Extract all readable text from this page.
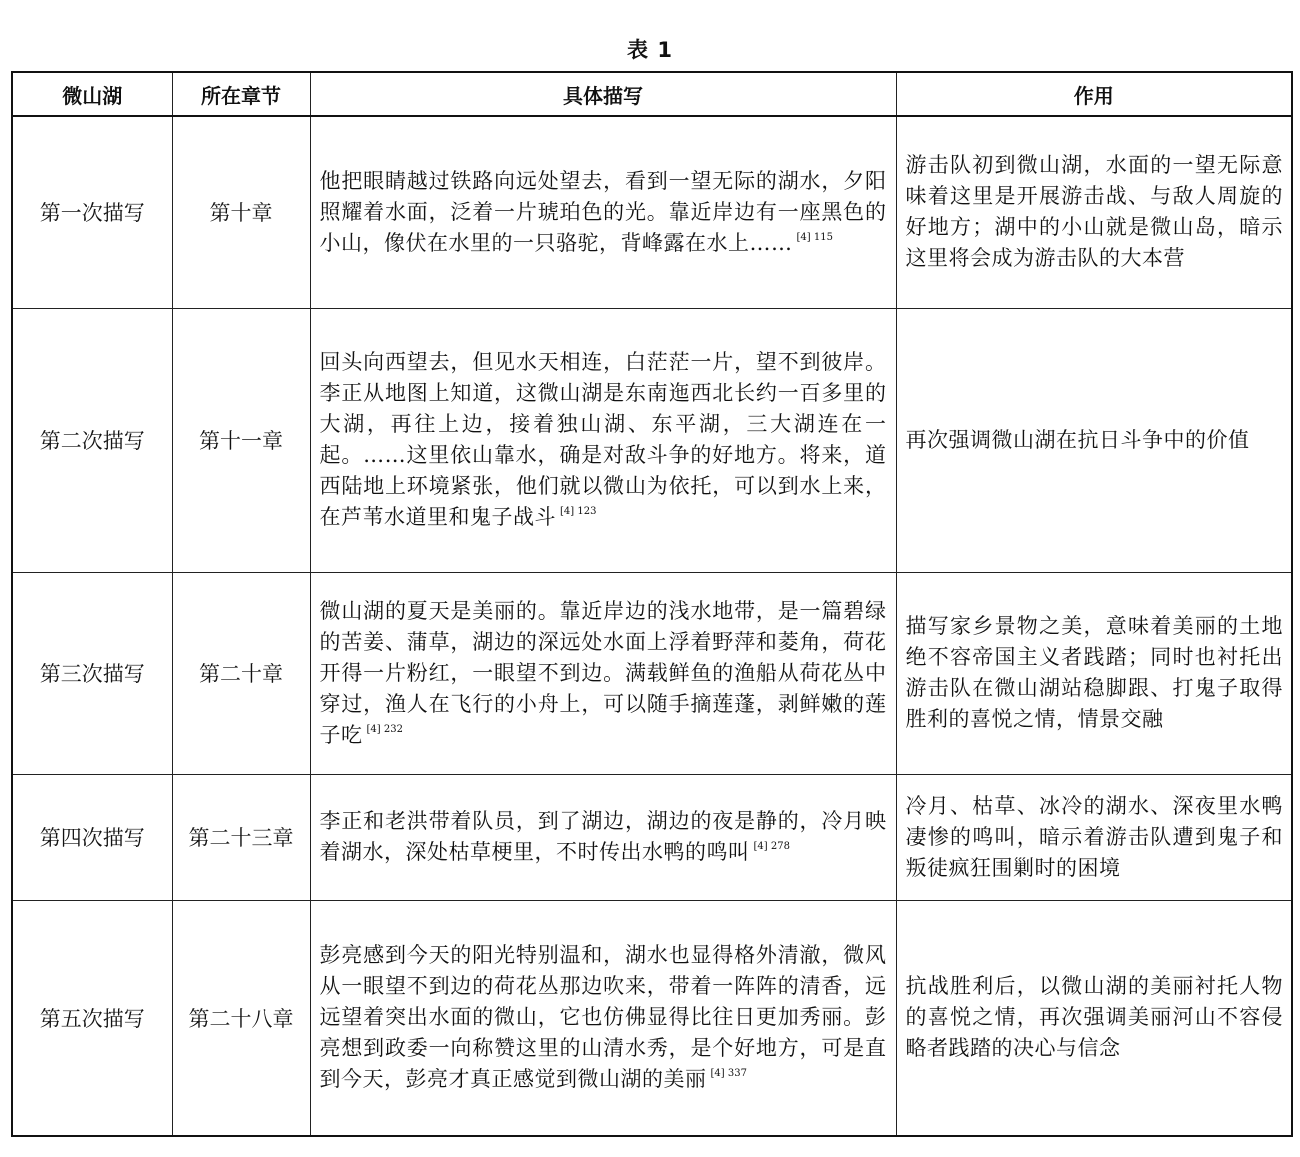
表 1
微山湖	所在章节	具体描写	作用
第一次描写	第十章	他把眼睛越过铁路向远处望去，看到一望无际的湖水，夕阳照耀着水面，泛着一片琥珀色的光。靠近岸边有一座黑色的小山，像伏在水里的一只骆驼，背峰露在水上…… $^{[4] 115}$	游击队初到微山湖，水面的一望无际意味着这里是开展游击战、与敌人周旋的好地方；湖中的小山就是微山岛，暗示这里将会成为游击队的大本营
第二次描写	第十一章	回头向西望去，但见水天相连，白茫茫一片，望不到彼岸。李正从地图上知道，这微山湖是东南迤西北长约一百多里的大湖，再往上边，接着独山湖、东平湖，三大湖连在一起。……这里依山靠水，确是对敌斗争的好地方。将来，道西陆地上环境紧张，他们就以微山为依托，可以到水上来，在芦苇水道里和鬼子战斗 $^{[4] 123}$	再次强调微山湖在抗日斗争中的价值
第三次描写	第二十章	微山湖的夏天是美丽的。靠近岸边的浅水地带，是一篇碧绿的苦姜、蒲草，湖边的深远处水面上浮着野萍和菱角，荷花开得一片粉红，一眼望不到边。满载鲜鱼的渔船从荷花丛中穿过，渔人在飞行的小舟上，可以随手摘莲蓬，剥鲜嫩的莲子吃 $^{[4] 232}$	描写家乡景物之美，意味着美丽的土地绝不容帝国主义者践踏；同时也衬托出游击队在微山湖站稳脚跟、打鬼子取得胜利的喜悦之情，情景交融
第四次描写	第二十三章	李正和老洪带着队员，到了湖边，湖边的夜是静的，冷月映着湖水，深处枯草梗里，不时传出水鸭的鸣叫 $^{[4] 278}$	冷月、枯草、冰冷的湖水、深夜里水鸭凄惨的鸣叫，暗示着游击队遭到鬼子和叛徒疯狂围剿时的困境
第五次描写	第二十八章	彭亮感到今天的阳光特别温和，湖水也显得格外清澈，微风从一眼望不到边的荷花丛那边吹来，带着一阵阵的清香，远远望着突出水面的微山，它也仿佛显得比往日更加秀丽。彭亮想到政委一向称赞这里的山清水秀，是个好地方，可是直到今天，彭亮才真正感觉到微山湖的美丽 $^{[4] 337}$	抗战胜利后，以微山湖的美丽衬托人物的喜悦之情，再次强调美丽河山不容侵略者践踏的决心与信念
